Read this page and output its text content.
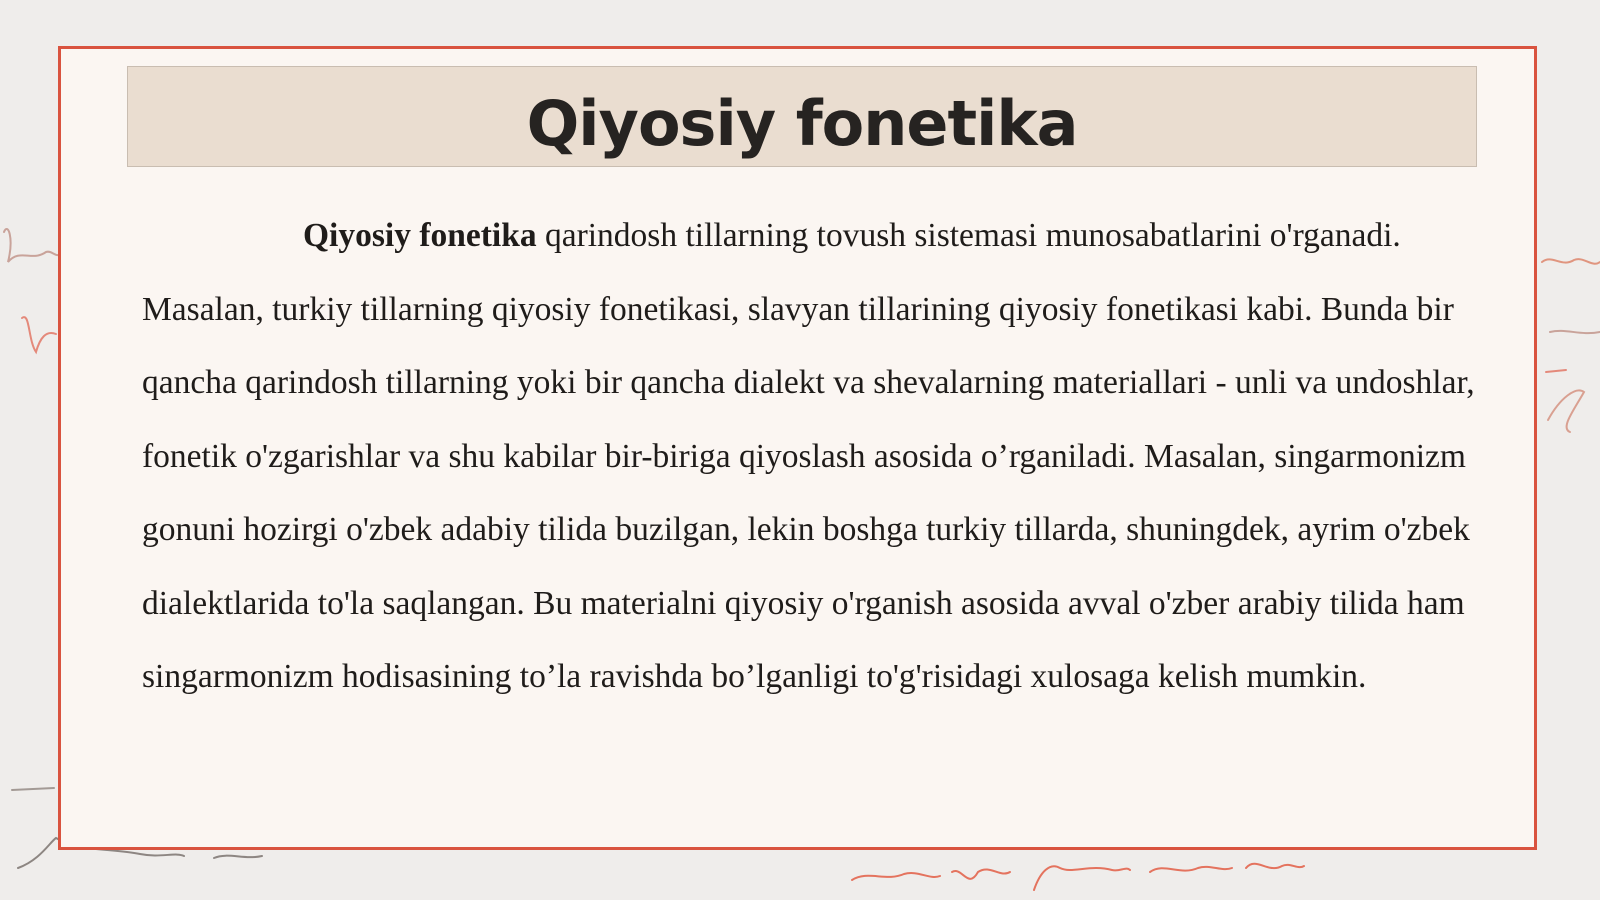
Qiyosiy fonetika

Qiyosiy fonetika qarindosh tillarning tovush sistemasi munosabatlarini o'rganadi. Masalan, turkiy tillarning qiyosiy fonetikasi, slavyan tillarining qiyosiy fonetikasi kabi. Bunda bir qancha qarindosh tillarning yoki bir qancha dialekt va shevalarning materiallari - unli va undoshlar, fonetik o'zgarishlar va shu kabilar bir-biriga qiyoslash asosida o’rganiladi. Masalan, singarmonizm gonuni hozirgi o'zbek adabiy tilida buzilgan, lekin boshga turkiy tillarda, shuningdek, ayrim o'zbek dialektlarida to'la saqlangan. Bu materialni qiyosiy o'rganish asosida avval o'zber arabiy tilida ham singarmonizm hodisasining to’la ravishda bo’lganligi to'g'risidagi xulosaga kelish mumkin.
